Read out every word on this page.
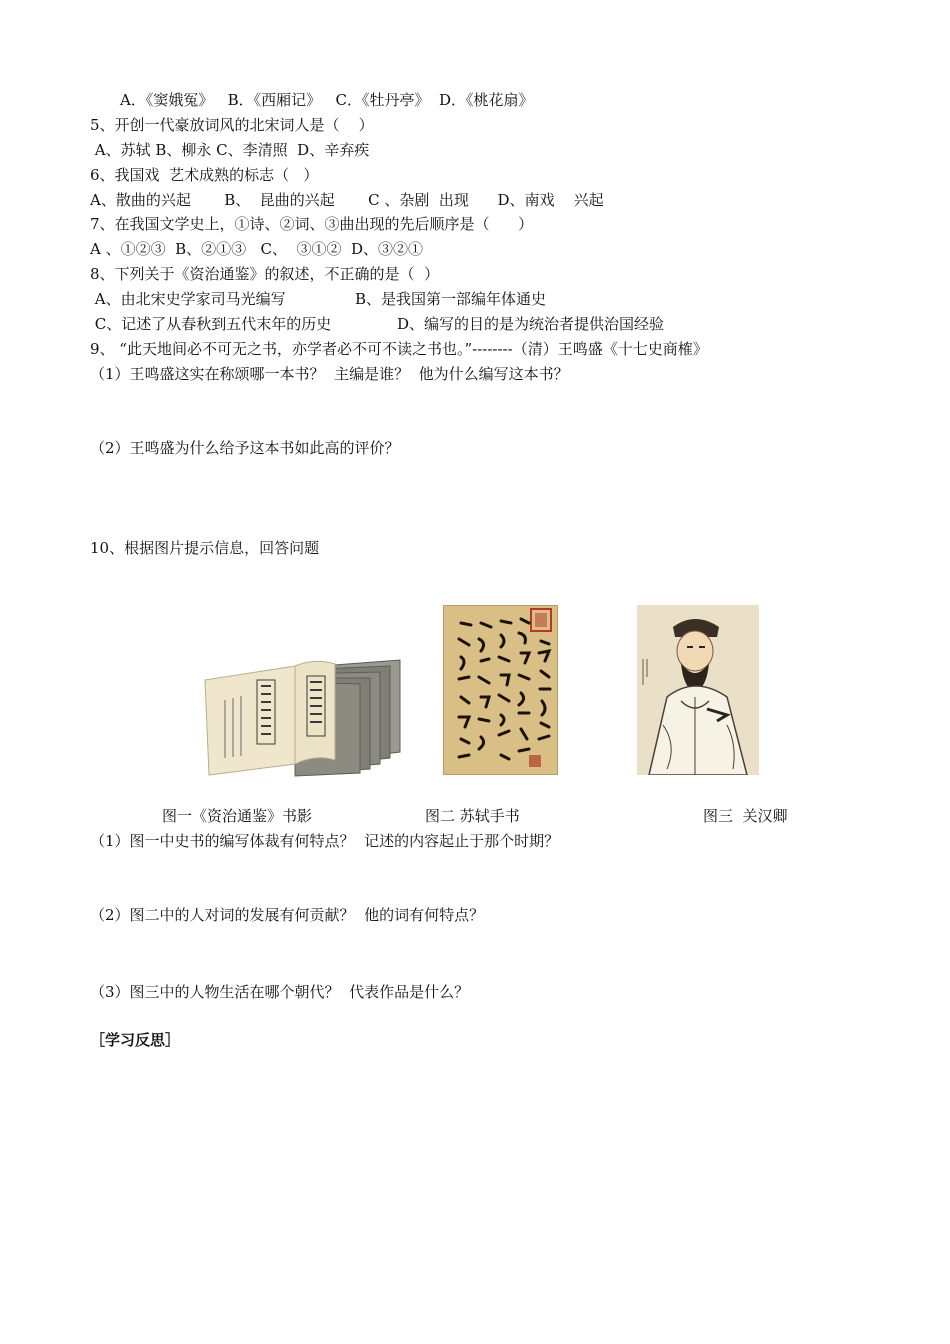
A．《窦娥冤》   B．《西厢记》   C．《牡丹亭》  D．《桃花扇》
5、开创一代豪放词风的北宋词人是（    ）
A、苏轼 B、柳永 C、李清照  D、辛弃疾
6、我国戏  艺术成熟的标志（   ）
A、散曲的兴起       B、  昆曲的兴起       C 、杂剧  出现      D、南戏    兴起
7、在我国文学史上，①诗、②词、③曲出现的先后顺序是（      ）
A 、①②③  B、②①③   C、  ③①②  D、③②①
8、下列关于《资治通鉴》的叙述，不正确的是（  ）
A、由北宋史学家司马光编写	B、是我国第一部编年体通史
C、记述了从春秋到五代末年的历史	D、编写的目的是为统治者提供治国经验
9、 “此天地间必不可无之书，亦学者必不可不读之书也。”--------（清）王鸣盛《十七史商榷》
（1）王鸣盛这实在称颂哪一本书？  主编是谁？  他为什么编写这本书？
（2）王鸣盛为什么给予这本书如此高的评价？
10、根据图片提示信息，回答问题
图一《资治通鉴》书影	图二 苏轼手书	图三  关汉卿
（1）图一中史书的编写体裁有何特点？  记述的内容起止于那个时期？
（2）图二中的人对词的发展有何贡献？  他的词有何特点？
（3）图三中的人物生活在哪个朝代？  代表作品是什么？
［学习反思］
